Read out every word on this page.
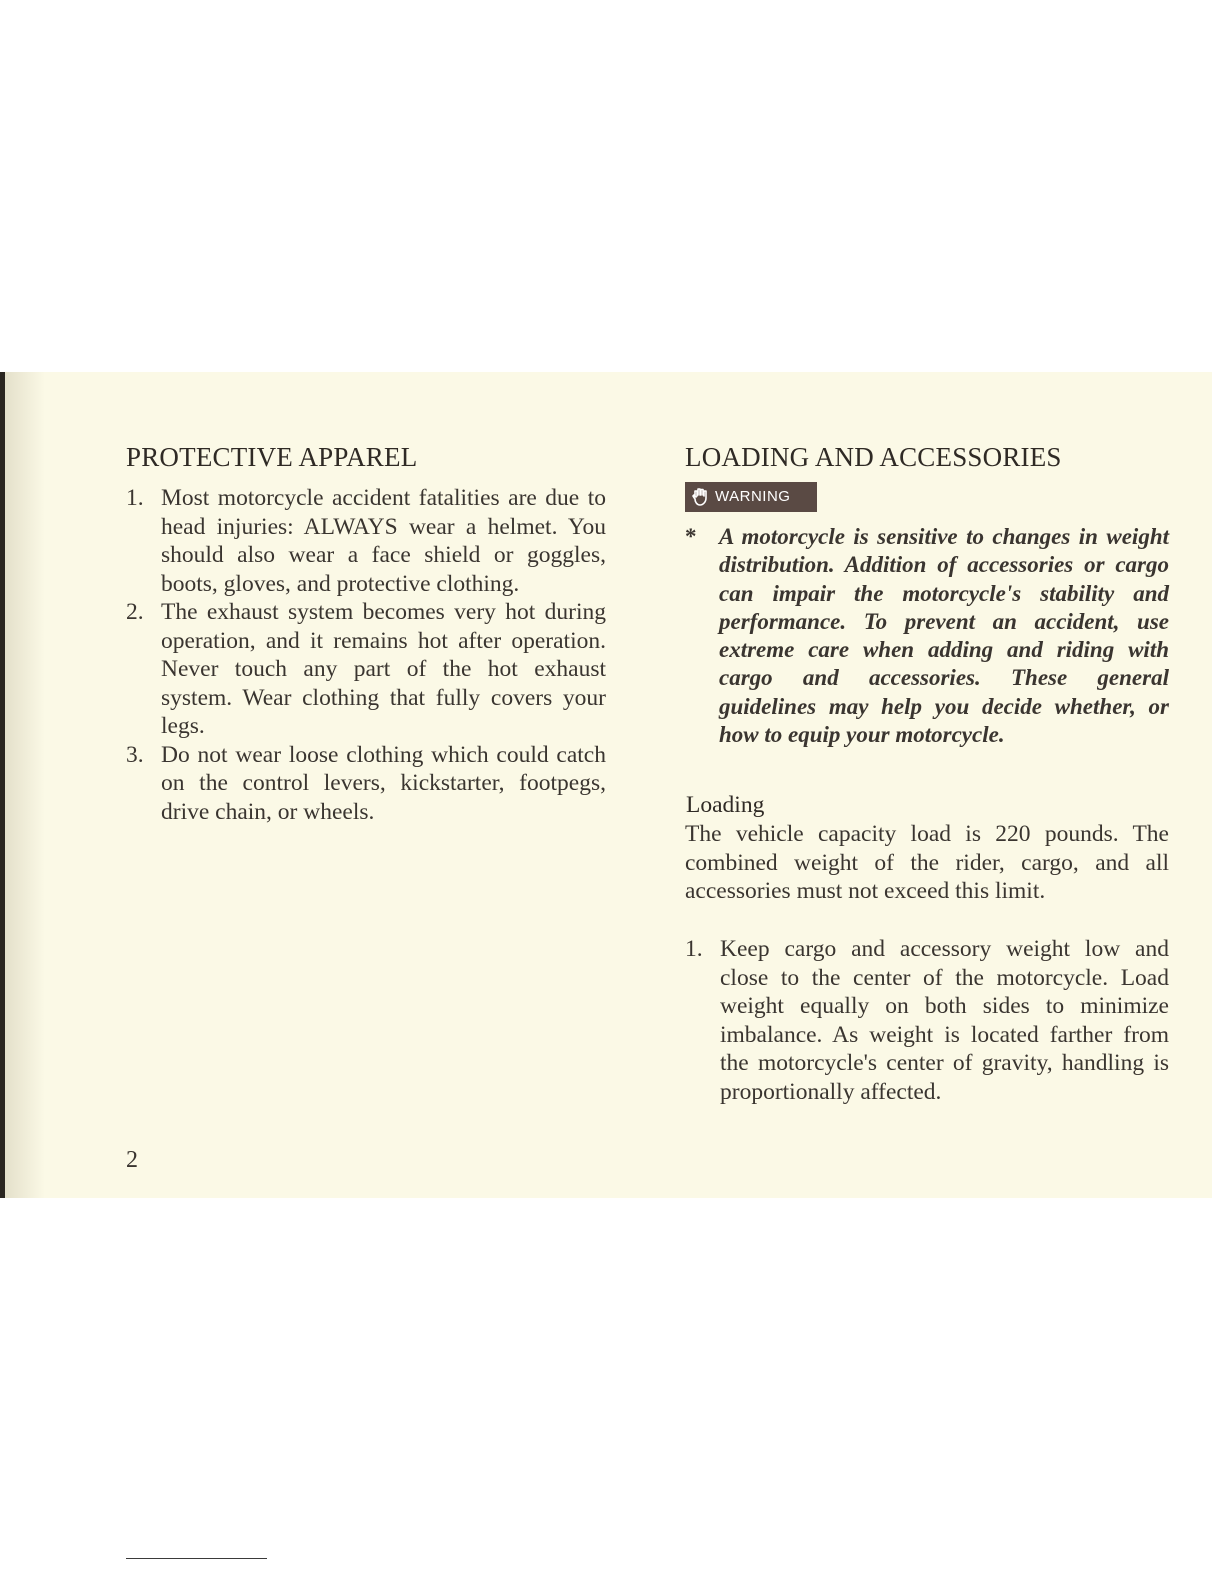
PROTECTIVE APPAREL
1. Most motorcycle accident fatalities are due to head injuries: ALWAYS wear a helmet. You should also wear a face shield or goggles, boots, gloves, and protective clothing.
2. The exhaust system becomes very hot during operation, and it remains hot after operation. Never touch any part of the hot exhaust system. Wear clothing that fully covers your legs.
3. Do not wear loose clothing which could catch on the control levers, kickstarter, footpegs, drive chain, or wheels.
2
LOADING AND ACCESSORIES
WARNING
* A motorcycle is sensitive to changes in weight distribution. Addition of accessories or cargo can impair the motorcycle's stability and performance. To prevent an accident, use extreme care when adding and riding with cargo and accessories. These general guidelines may help you decide whether, or how to equip your motorcycle.
Loading
The vehicle capacity load is 220 pounds. The combined weight of the rider, cargo, and all accessories must not exceed this limit.
1. Keep cargo and accessory weight low and close to the center of the motorcycle. Load weight equally on both sides to minimize imbalance. As weight is located farther from the motorcycle's center of gravity, handling is proportionally affected.
